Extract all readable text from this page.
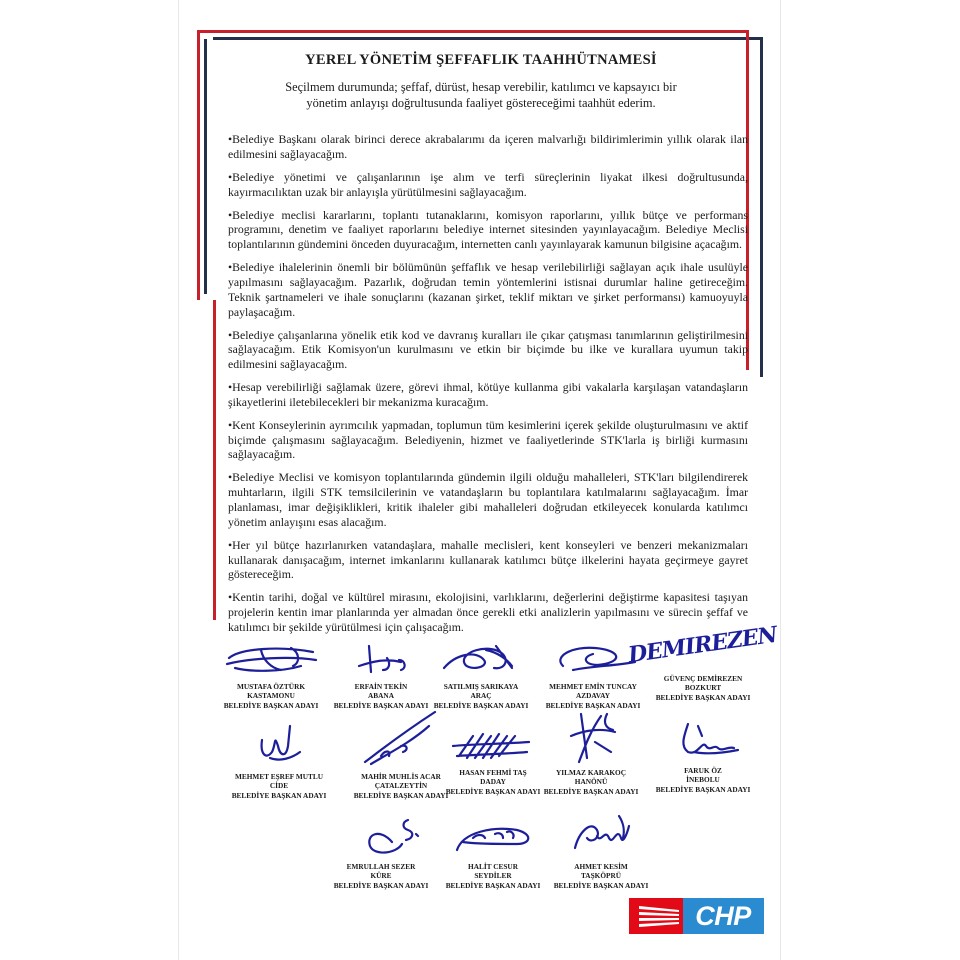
YEREL YÖNETİM ŞEFFAFLIK TAAHHÜTNAMESİ
Seçilmem durumunda; şeffaf, dürüst, hesap verebilir, katılımcı ve kapsayıcı bir yönetim anlayışı doğrultusunda faaliyet göstereceğimi taahhüt ederim.
•Belediye Başkanı olarak birinci derece akrabalarımı da içeren malvarlığı bildirimlerimin yıllık olarak ilan edilmesini sağlayacağım.
•Belediye yönetimi ve çalışanlarının işe alım ve terfi süreçlerinin liyakat ilkesi doğrultusunda, kayırmacılıktan uzak bir anlayışla yürütülmesini sağlayacağım.
•Belediye meclisi kararlarını, toplantı tutanaklarını, komisyon raporlarını, yıllık bütçe ve performans programını, denetim ve faaliyet raporlarını belediye internet sitesinden yayınlayacağım. Belediye Meclisi toplantılarının gündemini önceden duyuracağım, internetten canlı yayınlayarak kamunun bilgisine açacağım.
•Belediye ihalelerinin önemli bir bölümünün şeffaflık ve hesap verilebilirliği sağlayan açık ihale usulüyle yapılmasını sağlayacağım. Pazarlık, doğrudan temin yöntemlerini istisnai durumlar haline getireceğim. Teknik şartnameleri ve ihale sonuçlarını (kazanan şirket, teklif miktarı ve şirket performansı) kamuoyuyla paylaşacağım.
•Belediye çalışanlarına yönelik etik kod ve davranış kuralları ile çıkar çatışması tanımlarının geliştirilmesini sağlayacağım. Etik Komisyon'un kurulmasını ve etkin bir biçimde bu ilke ve kurallara uyumun takip edilmesini sağlayacağım.
•Hesap verebilirliği sağlamak üzere, görevi ihmal, kötüye kullanma gibi vakalarla karşılaşan vatandaşların şikayetlerini iletebilecekleri bir mekanizma kuracağım.
•Kent Konseylerinin ayrımcılık yapmadan, toplumun tüm kesimlerini içerek şekilde oluşturulmasını ve aktif biçimde çalışmasını sağlayacağım. Belediyenin, hizmet ve faaliyetlerinde STK'larla iş birliği kurmasını sağlayacağım.
•Belediye Meclisi ve komisyon toplantılarında gündemin ilgili olduğu mahalleleri, STK'ları bilgilendirerek muhtarların, ilgili STK temsilcilerinin ve vatandaşların bu toplantılara katılmalarını sağlayacağım. İmar planlaması, imar değişiklikleri, kritik ihaleler gibi mahalleleri doğrudan etkileyecek konularda katılımcı yönetim anlayışını esas alacağım.
•Her yıl bütçe hazırlanırken vatandaşlara, mahalle meclisleri, kent konseyleri ve benzeri mekanizmaları kullanarak danışacağım, internet imkanlarını kullanarak katılımcı bütçe ilkelerini hayata geçirmeye gayret göstereceğim.
•Kentin tarihi, doğal ve kültürel mirasını, ekolojisini, varlıklarını, değerlerini değiştirme kapasitesi taşıyan projelerin kentin imar planlarında yer almadan önce gerekli etki analizlerin yapılmasını ve sürecin şeffaf ve katılımcı bir şekilde yürütülmesi için çalışacağım.
MUSTAFA ÖZTÜRK
KASTAMONU
BELEDİYE BAŞKAN ADAYI
ERFAİN TEKİN
ABANA
BELEDİYE BAŞKAN ADAYI
SATILMIŞ SARIKAYA
ARAÇ
BELEDİYE BAŞKAN ADAYI
MEHMET EMİN TUNCAY
AZDAVAY
BELEDİYE BAŞKAN ADAYI
DEMIREZEN
GÜVENÇ DEMİREZEN
BOZKURT
BELEDİYE BAŞKAN ADAYI
MEHMET EŞREF MUTLU
CİDE
BELEDİYE BAŞKAN ADAYI
MAHİR MUHLİS ACAR
ÇATALZEYTİN
BELEDİYE BAŞKAN ADAYI
HASAN FEHMİ TAŞ
DADAY
BELEDİYE BAŞKAN ADAYI
YILMAZ KARAKOÇ
HANÖNÜ
BELEDİYE BAŞKAN ADAYI
FARUK ÖZ
İNEBOLU
BELEDİYE BAŞKAN ADAYI
EMRULLAH SEZER
KÜRE
BELEDİYE BAŞKAN ADAYI
HALİT CESUR
SEYDİLER
BELEDİYE BAŞKAN ADAYI
AHMET KESİM
TAŞKÖPRÜ
BELEDİYE BAŞKAN ADAYI
CHP
